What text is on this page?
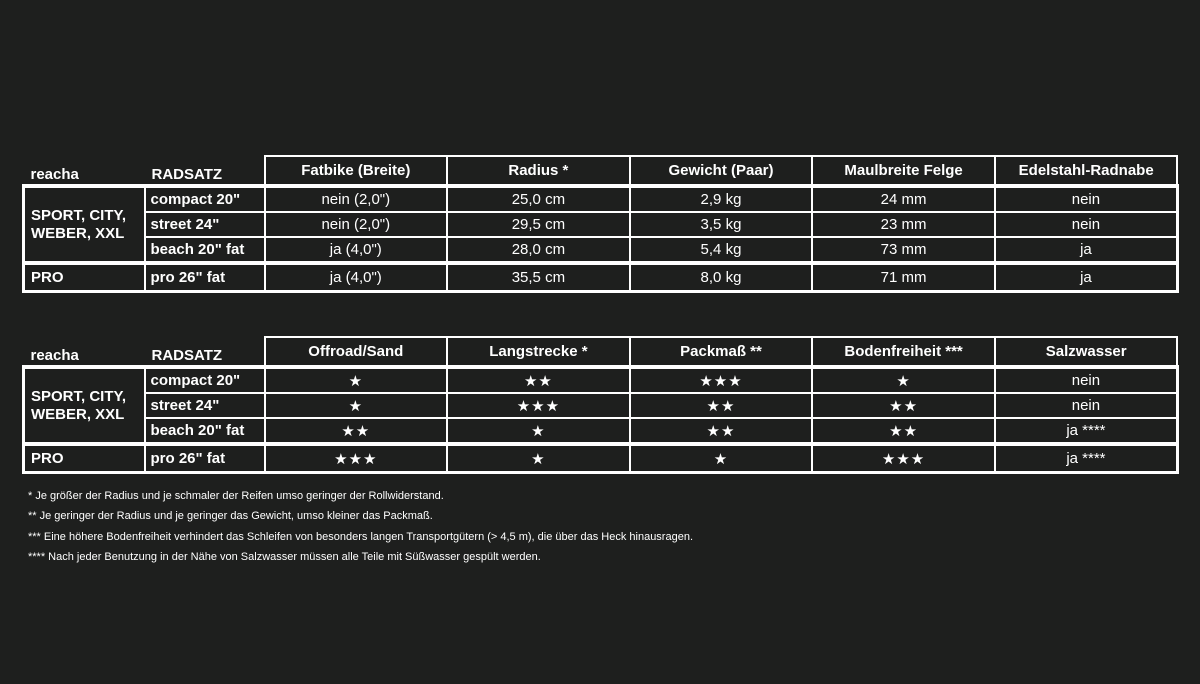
reacha	RADSATZ	Fatbike (Breite)	Radius *	Gewicht (Paar)	Maulbreite Felge	Edelstahl-Radnabe
SPORT, CITY, WEBER, XXL	compact 20"	nein (2,0")	25,0 cm	2,9 kg	24 mm	nein
	street 24"	nein (2,0")	29,5 cm	3,5 kg	23 mm	nein
	beach 20" fat	ja (4,0")	28,0 cm	5,4 kg	73 mm	ja
PRO	pro 26" fat	ja (4,0")	35,5 cm	8,0 kg	71 mm	ja
reacha	RADSATZ	Offroad/Sand	Langstrecke *	Packmaß **	Bodenfreiheit ***	Salzwasser
SPORT, CITY, WEBER, XXL	compact 20"	★	★★	★★★	★	nein
	street 24"	★	★★★	★★	★★	nein
	beach 20" fat	★★	★	★★	★★	ja ****
PRO	pro 26" fat	★★★	★	★	★★★	ja ****
* Je größer der Radius und je schmaler der Reifen umso geringer der Rollwiderstand.
** Je geringer der Radius und je geringer das Gewicht, umso kleiner das Packmaß.
*** Eine höhere Bodenfreiheit verhindert das Schleifen von besonders langen Transportgütern (> 4,5 m), die über das Heck hinausragen.
**** Nach jeder Benutzung in der Nähe von Salzwasser müssen alle Teile mit Süßwasser gespült werden.
